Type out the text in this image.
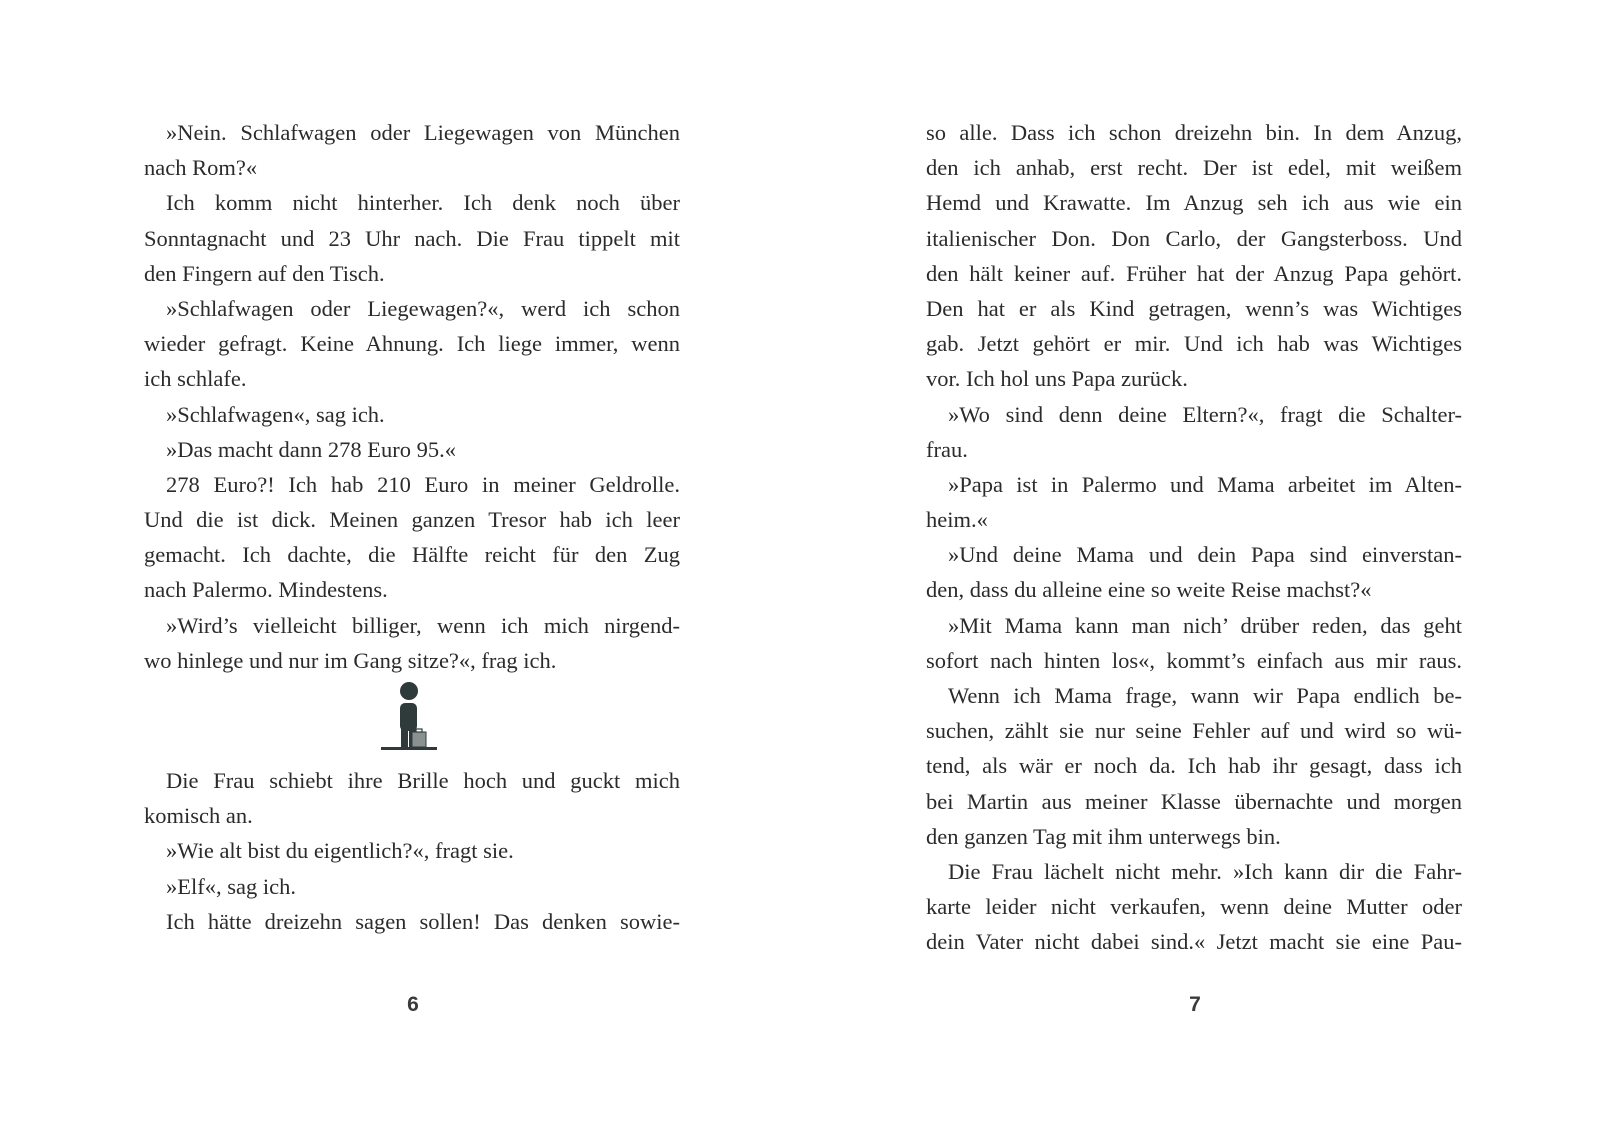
»Nein. Schlafwagen oder Liegewagen von München
nach Rom?«
Ich komm nicht hinterher. Ich denk noch über
Sonntagnacht und 23 Uhr nach. Die Frau tippelt mit
den Fingern auf den Tisch.
»Schlafwagen oder Liegewagen?«, werd ich schon
wieder gefragt. Keine Ahnung. Ich liege immer, wenn
ich schlafe.
»Schlafwagen«, sag ich.
»Das macht dann 278 Euro 95.«
278 Euro?! Ich hab 210 Euro in meiner Geldrolle.
Und die ist dick. Meinen ganzen Tresor hab ich leer
gemacht. Ich dachte, die Hälfte reicht für den Zug
nach Palermo. Mindestens.
»Wird’s vielleicht billiger, wenn ich mich nirgend-
wo hinlege und nur im Gang sitze?«, frag ich.
Die Frau schiebt ihre Brille hoch und guckt mich
komisch an.
»Wie alt bist du eigentlich?«, fragt sie.
»Elf«, sag ich.
Ich hätte dreizehn sagen sollen! Das denken sowie-
so alle. Dass ich schon dreizehn bin. In dem Anzug,
den ich anhab, erst recht. Der ist edel, mit weißem
Hemd und Krawatte. Im Anzug seh ich aus wie ein
italienischer Don. Don Carlo, der Gangsterboss. Und
den hält keiner auf. Früher hat der Anzug Papa gehört.
Den hat er als Kind getragen, wenn’s was Wichtiges
gab. Jetzt gehört er mir. Und ich hab was Wichtiges
vor. Ich hol uns Papa zurück.
»Wo sind denn deine Eltern?«, fragt die Schalter-
frau.
»Papa ist in Palermo und Mama arbeitet im Alten-
heim.«
»Und deine Mama und dein Papa sind einverstan-
den, dass du alleine eine so weite Reise machst?«
»Mit Mama kann man nich’ drüber reden, das geht
sofort nach hinten los«, kommt’s einfach aus mir raus.
Wenn ich Mama frage, wann wir Papa endlich be-
suchen, zählt sie nur seine Fehler auf und wird so wü-
tend, als wär er noch da. Ich hab ihr gesagt, dass ich
bei Martin aus meiner Klasse übernachte und morgen
den ganzen Tag mit ihm unterwegs bin.
Die Frau lächelt nicht mehr. »Ich kann dir die Fahr-
karte leider nicht verkaufen, wenn deine Mutter oder
dein Vater nicht dabei sind.« Jetzt macht sie eine Pau-
6	7
